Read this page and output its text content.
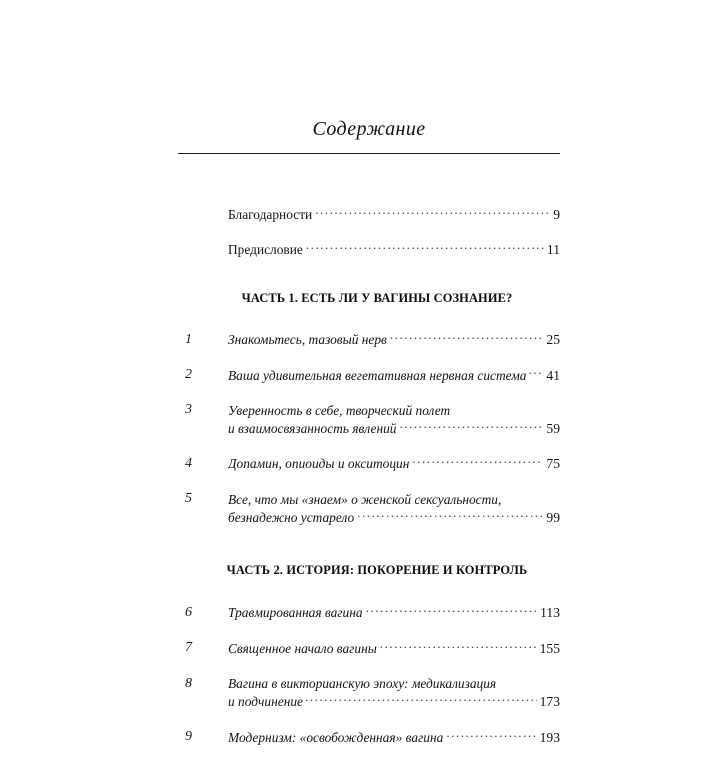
Содержание
Благодарности .....	9
Предисловие .....	11
ЧАСТЬ 1. ЕСТЬ ЛИ У ВАГИНЫ СОЗНАНИЕ?
1	Знакомьтесь, тазовый нерв .....	25
2	Ваша удивительная вегетативная нервная система ..... 41
3	Уверенность в себе, творческий полет
и взаимосвязанность явлений .....	59
4	Допамин, опиоиды и окситоцин .....	75
5	Все, что мы «знаем» о женской сексуальности,
безнадежно устарело .....	99
ЧАСТЬ 2. ИСТОРИЯ: ПОКОРЕНИЕ И КОНТРОЛЬ
6	Травмированная вагина .....	113
7	Священное начало вагины .....	155
8	Вагина в викторианскую эпоху: медикализация
и подчинение .....	173
9	Модернизм: «освобожденная» вагина .....	193
